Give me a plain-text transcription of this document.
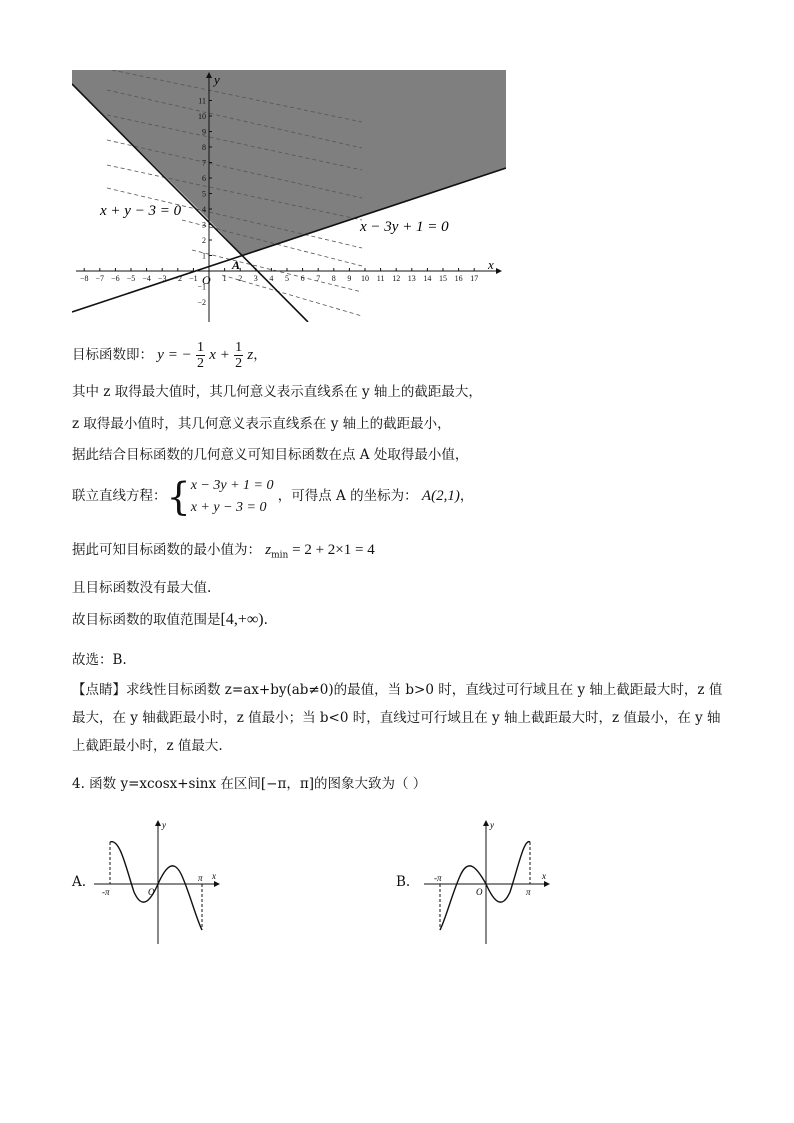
−8 −7 −6 −5 −4 −3 −2 −1	1 2 3 4 5 6 7 8 9 10 11 12 13 14 15 16 17
1
2
3
4
5
6
7
8
9
10
11
−1
−2
x
y
O
A
x + y − 3 = 0
x − 3y + 1 = 0
目标函数即： y = − $\frac{1}{2}$ $x + \frac{1}{2}$ z，
其中 z 取得最大值时，其几何意义表示直线系在 y 轴上的截距最大，
z 取得最小值时，其几何意义表示直线系在 y 轴上的截距最小，
据此结合目标函数的几何意义可知目标函数在点 A 处取得最小值，
联立直线方程：{ x − 3y + 1 = 0
x + y − 3 = 0
，可得点 A 的坐标为： A(2,1)，
据此可知目标函数的最小值为： $z_{min} = 2 + 2\times 1 = 4$
且目标函数没有最大值.
故目标函数的取值范围是[4,+∞).
故选：B.
【点睛】求线性目标函数 z=ax+by(ab≠0)的最值，当 b>0 时，直线过可行域且在 y 轴上截距最大时，z 值最大，在 y 轴截距最小时，z 值最小；当 b<0 时，直线过可行域且在 y 轴上截距最大时，z 值最小，在 y 轴上截距最小时，z 值最大.
4. 函数 y=xcosx+sinx 在区间[−π，π]的图象大致为（ ）
A.
-π
π
O
x
y
B.	-π
π
O
x
y
